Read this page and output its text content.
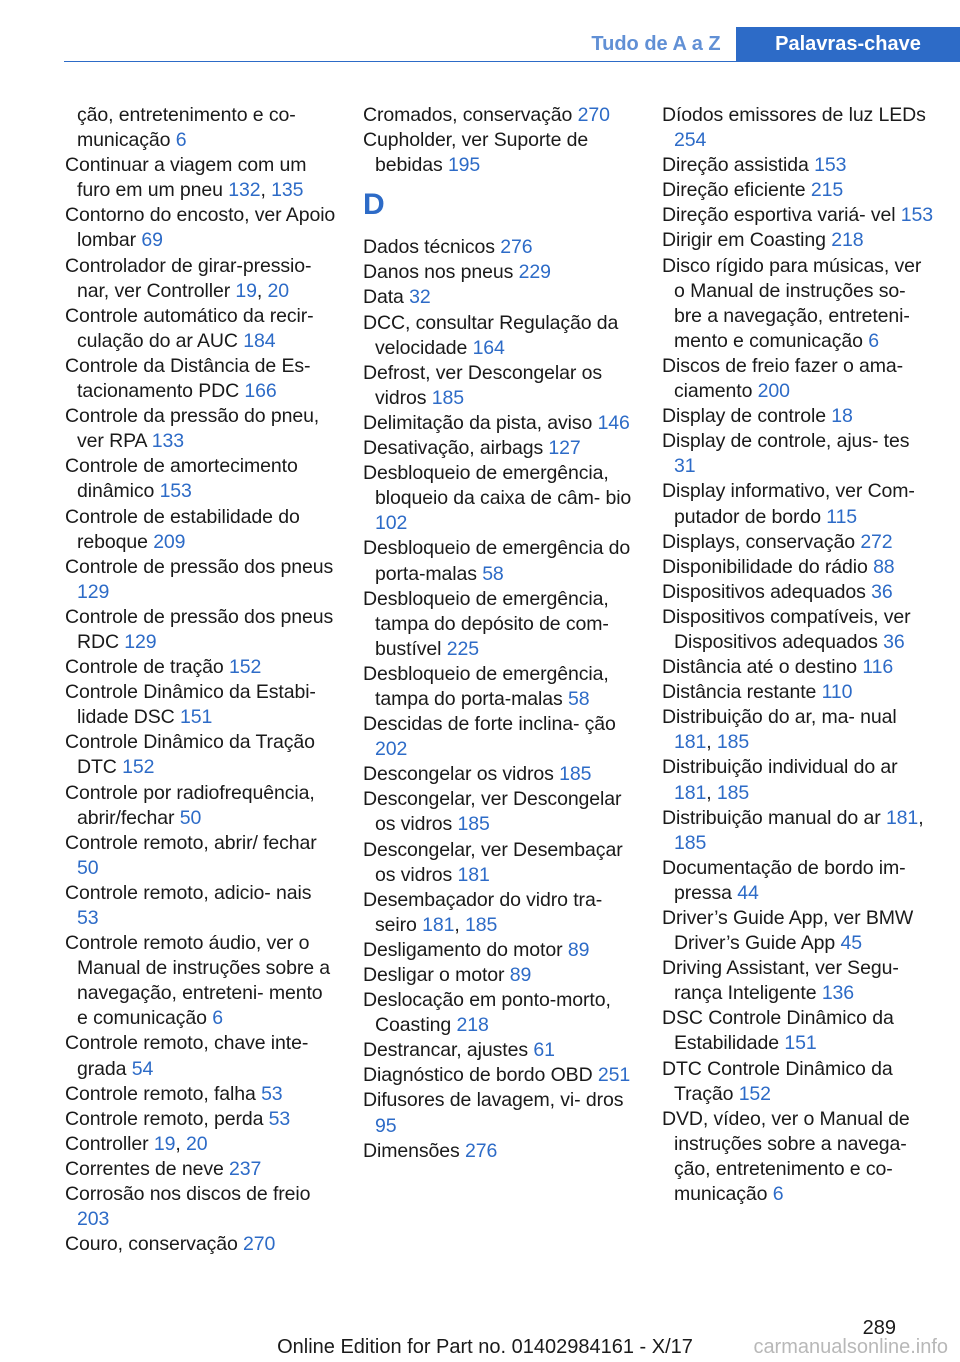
Tudo de A a Z	Palavras-chave
ção, entretenimento e co- municação 6
Continuar a viagem com um furo em um pneu 132, 135
Contorno do encosto, ver Apoio lombar 69
Controlador de girar-pressio- nar, ver Controller 19, 20
Controle automático da recir- culação do ar AUC 184
Controle da Distância de Es- tacionamento PDC 166
Controle da pressão do pneu, ver RPA 133
Controle de amortecimento dinâmico 153
Controle de estabilidade do reboque 209
Controle de pressão dos pneus 129
Controle de pressão dos pneus RDC 129
Controle de tração 152
Controle Dinâmico da Estabi- lidade DSC 151
Controle Dinâmico da Tração DTC 152
Controle por radiofrequência, abrir/fechar 50
Controle remoto, abrir/ fechar 50
Controle remoto, adicio- nais 53
Controle remoto áudio, ver o Manual de instruções sobre a navegação, entreteni- mento e comunicação 6
Controle remoto, chave inte- grada 54
Controle remoto, falha 53
Controle remoto, perda 53
Controller 19, 20
Correntes de neve 237
Corrosão nos discos de freio 203
Couro, conservação 270
Cromados, conservação 270
Cupholder, ver Suporte de bebidas 195
D
Dados técnicos 276
Danos nos pneus 229
Data 32
DCC, consultar Regulação da velocidade 164
Defrost, ver Descongelar os vidros 185
Delimitação da pista, aviso 146
Desativação, airbags 127
Desbloqueio de emergência, bloqueio da caixa de câm- bio 102
Desbloqueio de emergência do porta-malas 58
Desbloqueio de emergência, tampa do depósito de com- bustível 225
Desbloqueio de emergência, tampa do porta-malas 58
Descidas de forte inclina- ção 202
Descongelar os vidros 185
Descongelar, ver Descongelar os vidros 185
Descongelar, ver Desembaçar os vidros 181
Desembaçador do vidro tra- seiro 181, 185
Desligamento do motor 89
Desligar o motor 89
Deslocação em ponto-morto, Coasting 218
Destrancar, ajustes 61
Diagnóstico de bordo OBD 251
Difusores de lavagem, vi- dros 95
Dimensões 276
Díodos emissores de luz LEDs 254
Direção assistida 153
Direção eficiente 215
Direção esportiva variá- vel 153
Dirigir em Coasting 218
Disco rígido para músicas, ver o Manual de instruções so- bre a navegação, entreteni- mento e comunicação 6
Discos de freio fazer o ama- ciamento 200
Display de controle 18
Display de controle, ajus- tes 31
Display informativo, ver Com- putador de bordo 115
Displays, conservação 272
Disponibilidade do rádio 88
Dispositivos adequados 36
Dispositivos compatíveis, ver Dispositivos adequados 36
Distância até o destino 116
Distância restante 110
Distribuição do ar, ma- nual 181, 185
Distribuição individual do ar 181, 185
Distribuição manual do ar 181, 185
Documentação de bordo im- pressa 44
Driver’s Guide App, ver BMW Driver’s Guide App 45
Driving Assistant, ver Segu- rança Inteligente 136
DSC Controle Dinâmico da Estabilidade 151
DTC Controle Dinâmico da Tração 152
DVD, vídeo, ver o Manual de instruções sobre a navega- ção, entretenimento e co- municação 6
289
Online Edition for Part no. 01402984161 - X/17	carmanualsonline.info
